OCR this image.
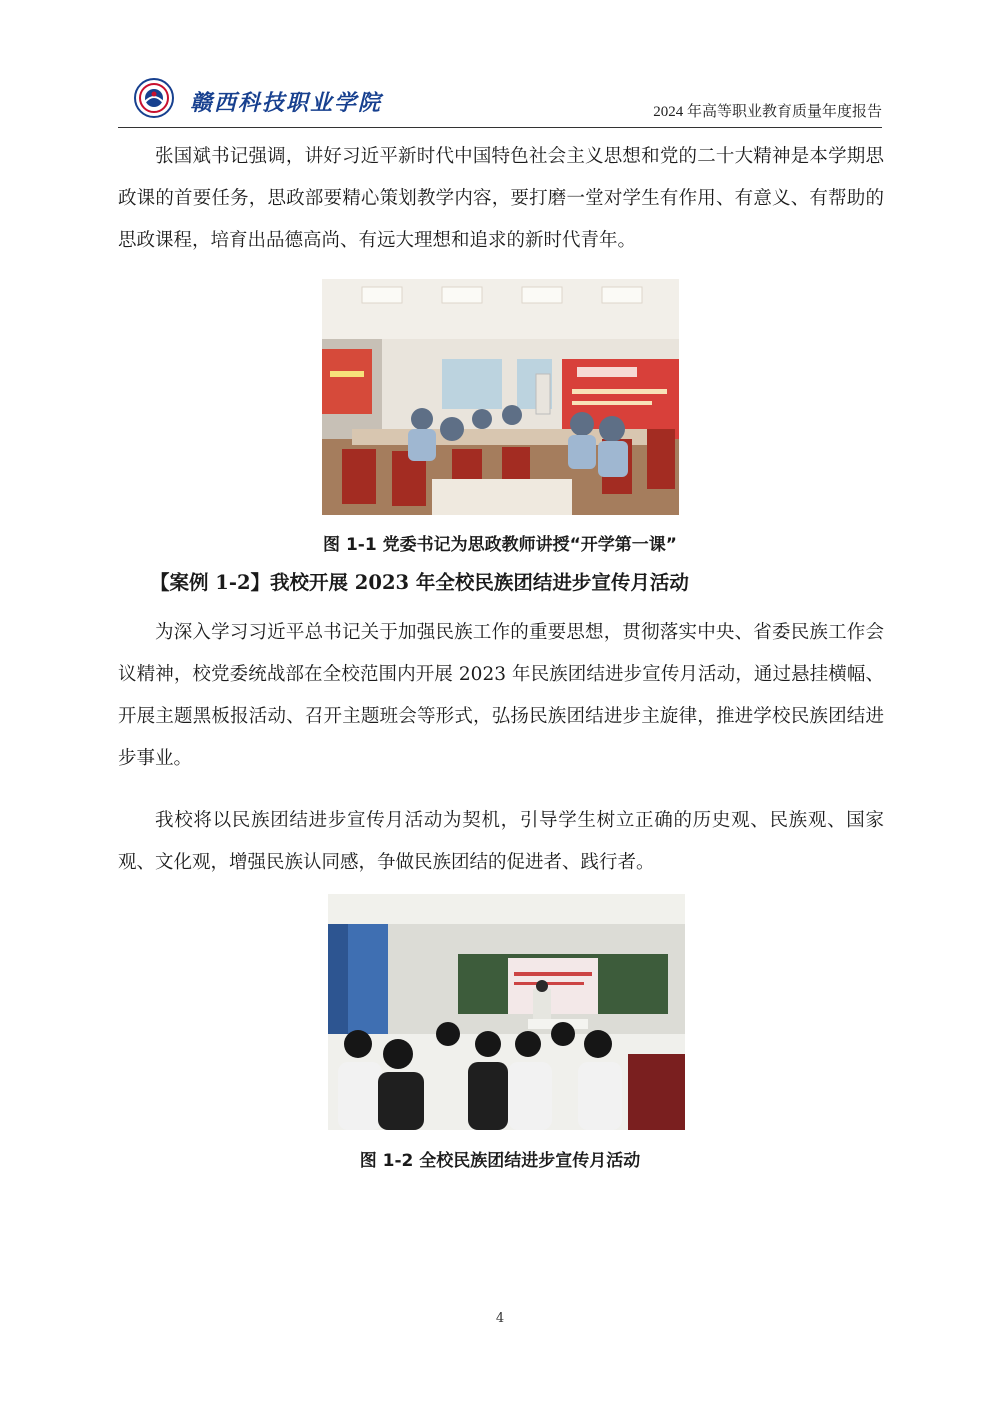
赣西科技职业学院	2024 年高等职业教育质量年度报告

张国斌书记强调，讲好习近平新时代中国特色社会主义思想和党的二十大精神是本学期思政课的首要任务，思政部要精心策划教学内容，要打磨一堂对学生有作用、有意义、有帮助的思政课程，培育出品德高尚、有远大理想和追求的新时代青年。

图 1-1 党委书记为思政教师讲授“开学第一课”
【案例 1-2】我校开展 2023 年全校民族团结进步宣传月活动

为深入学习习近平总书记关于加强民族工作的重要思想，贯彻落实中央、省委民族工作会议精神，校党委统战部在全校范围内开展 2023 年民族团结进步宣传月活动，通过悬挂横幅、开展主题黑板报活动、召开主题班会等形式，弘扬民族团结进步主旋律，推进学校民族团结进步事业。

我校将以民族团结进步宣传月活动为契机，引导学生树立正确的历史观、民族观、国家观、文化观，增强民族认同感，争做民族团结的促进者、践行者。

图 1-2 全校民族团结进步宣传月活动
4
